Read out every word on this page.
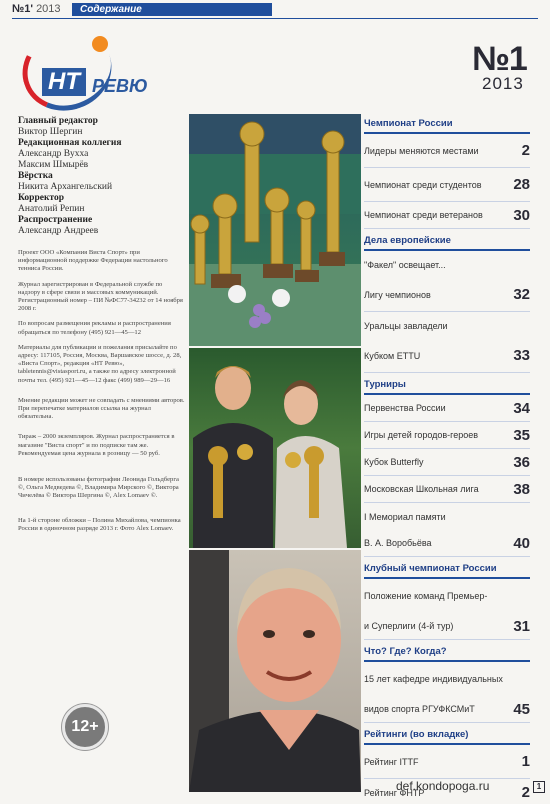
№1' 2013	Содержание
НТ РЕВЮ
№1
2013
Главный редактор
Виктор Шергин
Редакционная коллегия
Александр Вухха
Максим Шмырёв
Вёрстка
Никита Архангельский
Корректор
Анатолий Репин
Распространение
Александр Андреев
Проект ООО «Компания Виста Спорт» при информационной поддержке Федерации настольного тенниса России.
Журнал зарегистрирован в Федеральной службе по надзору в сфере связи и массовых коммуникаций. Регистрационный номер – ПИ №ФС77-34232 от 14 ноября 2008 г.
По вопросам размещения рекламы и распространения обращаться по телефону (495) 921—45—12
Материалы для публикации и пожелания присылайте по адресу: 117105, Россия, Москва, Варшавское шоссе, д. 28, «Виста Спорт», редакция «НТ Ревю», tabletennis@vistasport.ru, а также по адресу электронной почты тел. (495) 921—45—12 факс (499) 989—29—16
Мнение редакции может не совпадать с мнениями авторов. При перепечатке материалов ссылка на журнал обязательна.
Тираж – 2000 экземпляров. Журнал распространяется в магазине "Виста спорт" и по подписке там же. Рекомендуемая цена журнала в розницу — 50 руб.
В номере использованы фотографии Леонида Гольдберга ©, Ольга Медведева ©, Владимира Мирского ©, Виктора Чичелёва © Виктора Шергина ©, Alex Lomaev ©.
На 1-й стороне обложки – Полина Михайлова, чемпионка России в одиночном разряде 2013 г. Фото Alex Lomaev.
12+
Чемпионат России
Лидеры меняются местами	2
Чемпионат среди студентов 28
Чемпионат среди ветеранов 30
Дела европейские
"Факел" освещает...
Лигу чемпионов	32
Уральцы завладели
Кубком ETTU	33
Турниры
Первенства России	34
Игры детей городов-героев 35
Кубок Butterfly	36
Московская Школьная лига 38
I Мемориал памяти
В. А. Воробьёва	40
Клубный чемпионат России
Положение команд Премьер-
и Суперлиги (4-й тур)	31
Что? Где? Когда?
15 лет кафедре индивидуальных
видов спорта РГУФКСМиТ	45
Рейтинги (во вкладке)
Рейтинг ITTF	1
Рейтинг ФНТР	2
def.kondopoga.ru	1
